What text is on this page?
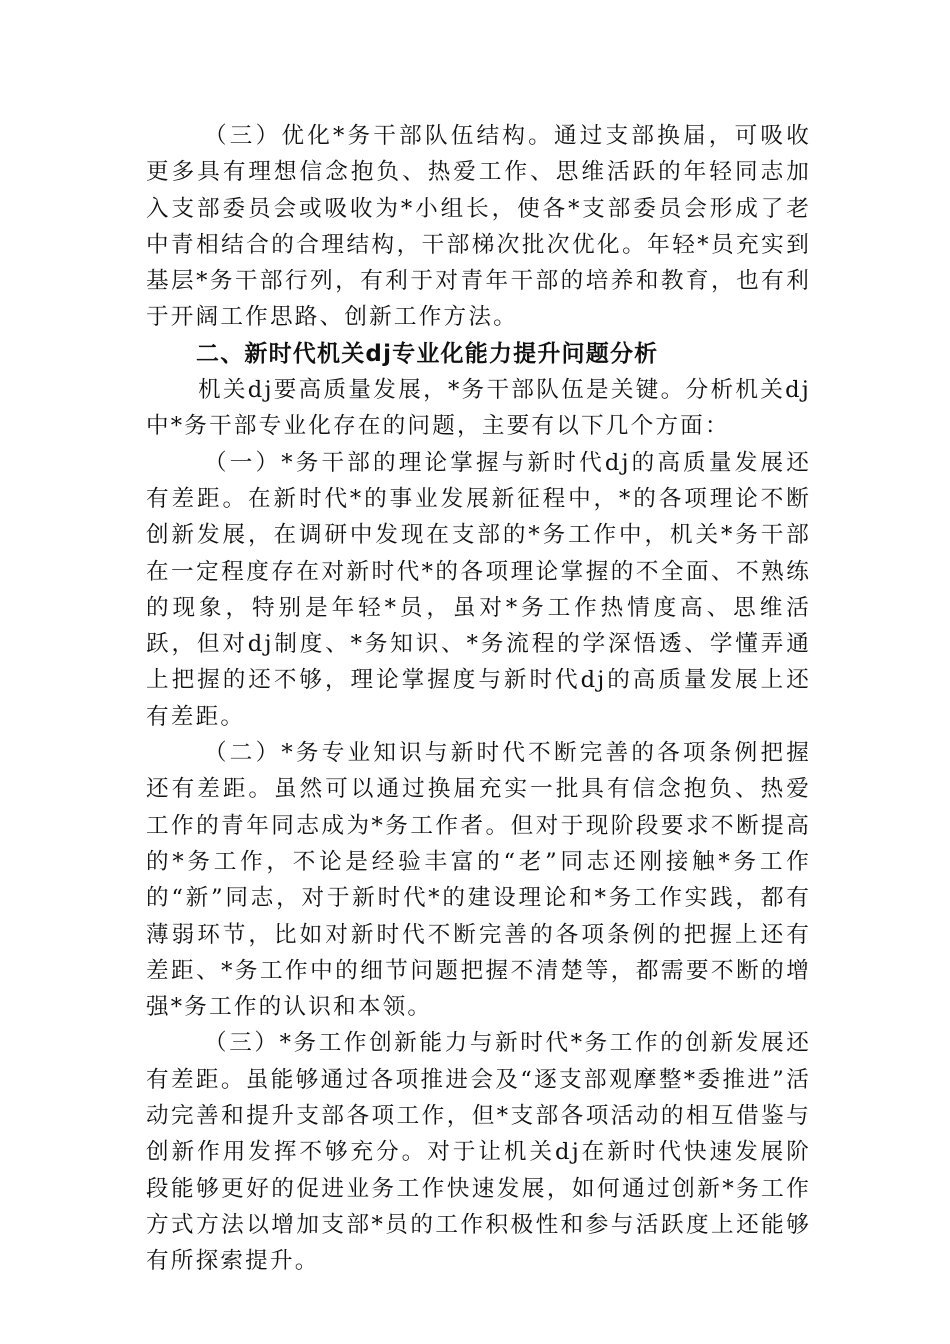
（三）优化*务干部队伍结构。通过支部换届，可吸收更多具有理想信念抱负、热爱工作、思维活跃的年轻同志加入支部委员会或吸收为*小组长，使各*支部委员会形成了老中青相结合的合理结构，干部梯次批次优化。年轻*员充实到基层*务干部行列，有利于对青年干部的培养和教育，也有利于开阔工作思路、创新工作方法。

二、新时代机关dj专业化能力提升问题分析

机关dj要高质量发展，*务干部队伍是关键。分析机关dj中*务干部专业化存在的问题，主要有以下几个方面：

（一）*务干部的理论掌握与新时代dj的高质量发展还有差距。在新时代*的事业发展新征程中，*的各项理论不断创新发展，在调研中发现在支部的*务工作中，机关*务干部在一定程度存在对新时代*的各项理论掌握的不全面、不熟练的现象，特别是年轻*员，虽对*务工作热情度高、思维活跃，但对dj制度、*务知识、*务流程的学深悟透、学懂弄通上把握的还不够，理论掌握度与新时代dj的高质量发展上还有差距。

（二）*务专业知识与新时代不断完善的各项条例把握还有差距。虽然可以通过换届充实一批具有信念抱负、热爱工作的青年同志成为*务工作者。但对于现阶段要求不断提高的*务工作，不论是经验丰富的“老”同志还刚接触*务工作的“新”同志，对于新时代*的建设理论和*务工作实践，都有薄弱环节，比如对新时代不断完善的各项条例的把握上还有差距、*务工作中的细节问题把握不清楚等，都需要不断的增强*务工作的认识和本领。

（三）*务工作创新能力与新时代*务工作的创新发展还有差距。虽能够通过各项推进会及“逐支部观摩整*委推进”活动完善和提升支部各项工作，但*支部各项活动的相互借鉴与创新作用发挥不够充分。对于让机关dj在新时代快速发展阶段能够更好的促进业务工作快速发展，如何通过创新*务工作方式方法以增加支部*员的工作积极性和参与活跃度上还能够有所探索提升。
